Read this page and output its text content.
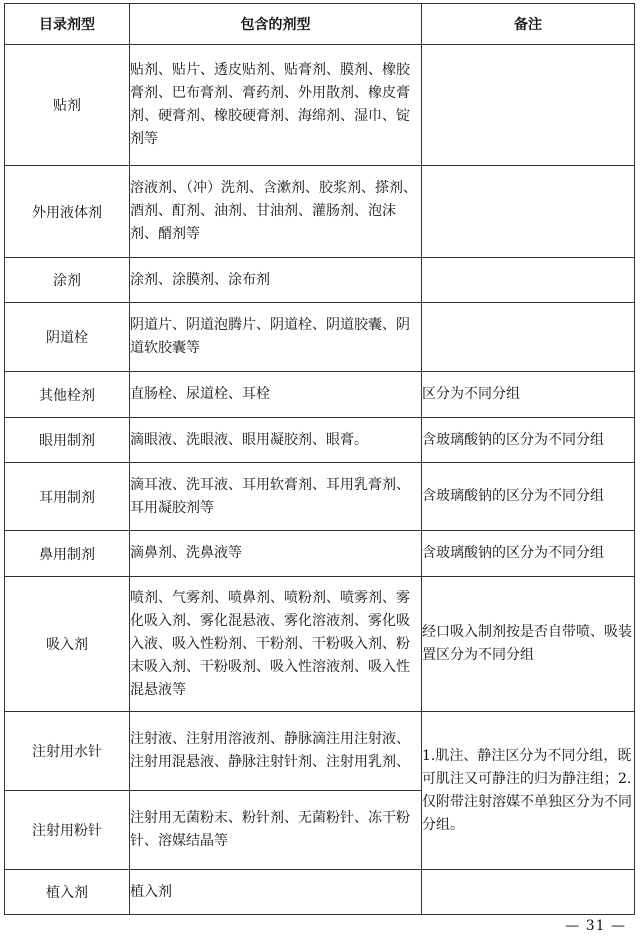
目录剂型	包含的剂型	备注
贴剂	贴剂、贴片、透皮贴剂、贴膏剂、膜剂、橡胶膏剂、巴布膏剂、膏药剂、外用散剂、橡皮膏剂、硬膏剂、橡胶硬膏剂、海绵剂、湿巾、锭剂等	
外用液体剂	溶液剂、（冲）洗剂、含漱剂、胶浆剂、搽剂、酒剂、酊剂、油剂、甘油剂、灌肠剂、泡沫剂、醑剂等	
涂剂	涂剂、涂膜剂、涂布剂	
阴道栓	阴道片、阴道泡腾片、阴道栓、阴道胶囊、阴道软胶囊等	
其他栓剂	直肠栓、尿道栓、耳栓	区分为不同分组
眼用制剂	滴眼液、洗眼液、眼用凝胶剂、眼膏。	含玻璃酸钠的区分为不同分组
耳用制剂	滴耳液、洗耳液、耳用软膏剂、耳用乳膏剂、耳用凝胶剂等	含玻璃酸钠的区分为不同分组
鼻用制剂	滴鼻剂、洗鼻液等	含玻璃酸钠的区分为不同分组
吸入剂	喷剂、气雾剂、喷鼻剂、喷粉剂、喷雾剂、雾化吸入剂、雾化混悬液、雾化溶液剂、雾化吸入液、吸入性粉剂、干粉剂、干粉吸入剂、粉末吸入剂、干粉吸剂、吸入性溶液剂、吸入性混悬液等	经口吸入制剂按是否自带喷、吸装置区分为不同分组
注射用水针	注射液、注射用溶液剂、静脉滴注用注射液、注射用混悬液、静脉注射针剂、注射用乳剂、	1.肌注、静注区分为不同分组，既可肌注又可静注的归为静注组；2.仅附带注射溶媒不单独区分为不同分组。
注射用粉针	注射用无菌粉末、粉针剂、无菌粉针、冻干粉针、溶媒结晶等	
植入剂	植入剂	
— 31 —
